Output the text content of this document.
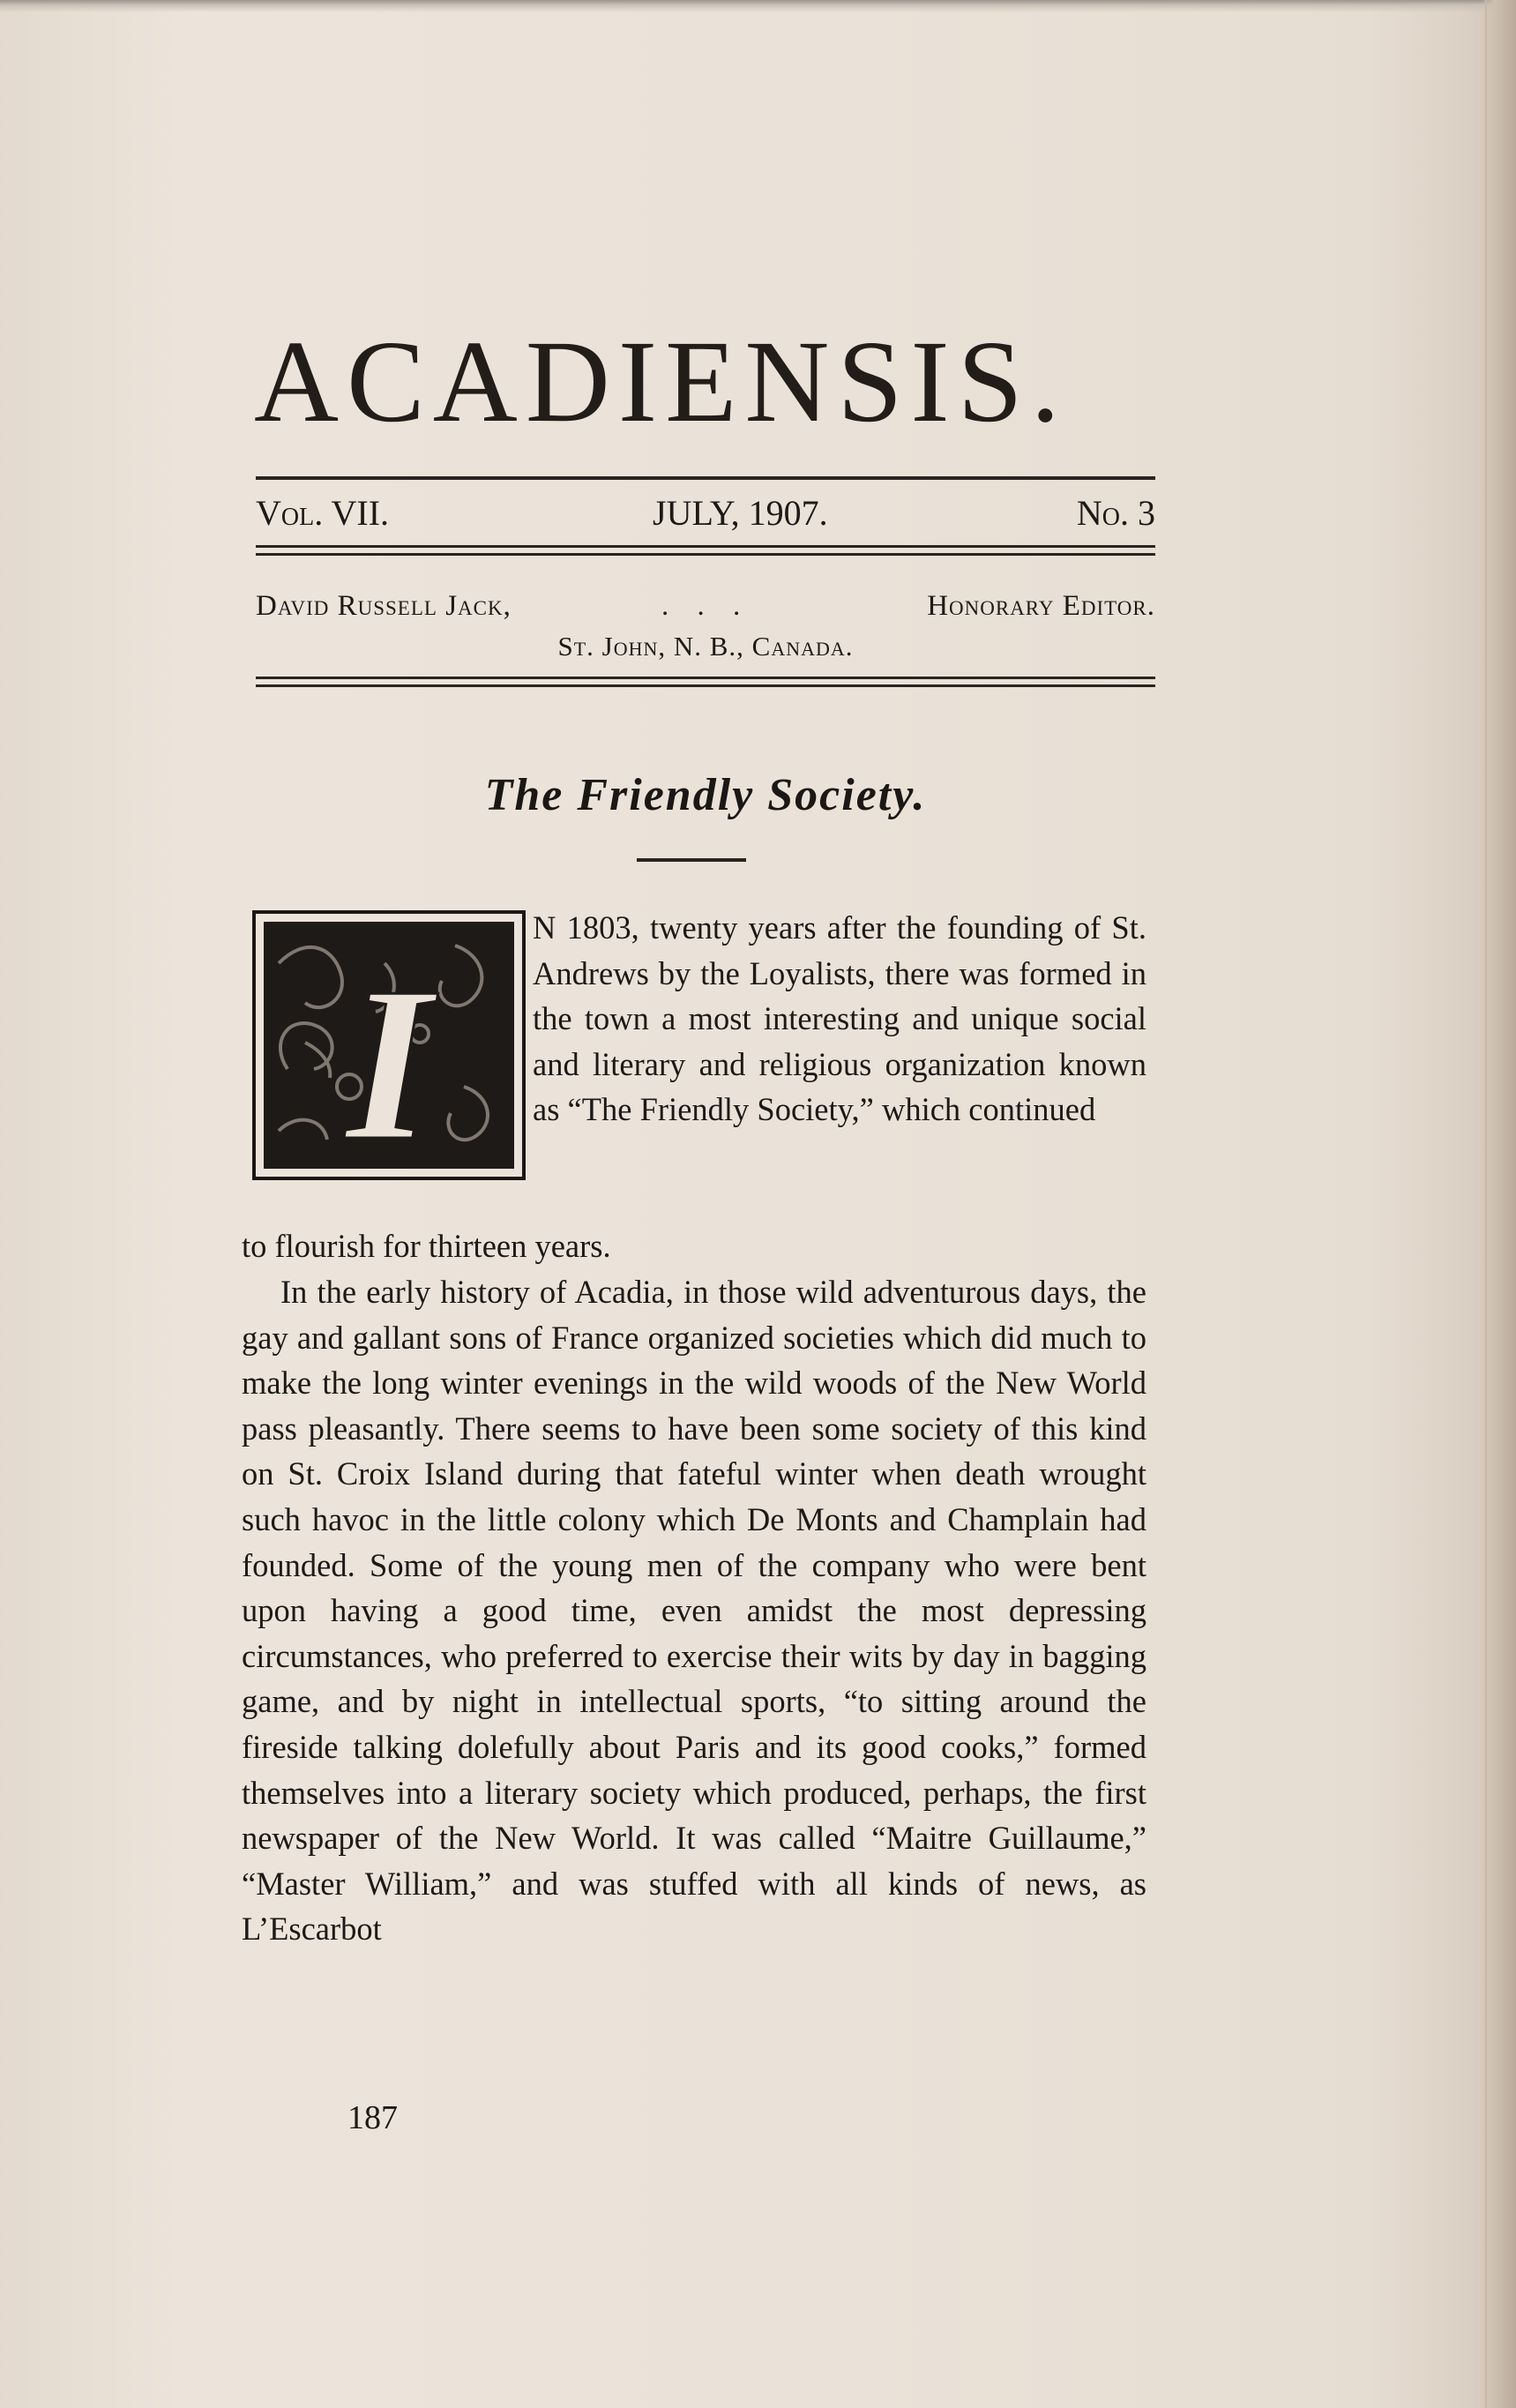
ACADIENSIS.
Vol. VII.	JULY, 1907.	No. 3
David Russell Jack,	. . .	Honorary Editor.
St. John, N. B., Canada.
The Friendly Society.
I

N 1803, twenty years after the founding of St. Andrews by the Loyalists, there was formed in the town a most interesting and unique social and literary and religious organization known as “The Friendly Society,” which continued

to flourish for thirteen years.

In the early history of Acadia, in those wild adventurous days, the gay and gallant sons of France organized societies which did much to make the long winter evenings in the wild woods of the New World pass pleasantly. There seems to have been some society of this kind on St. Croix Island during that fateful winter when death wrought such havoc in the little colony which De Monts and Champlain had founded. Some of the young men of the company who were bent upon having a good time, even amidst the most depressing circumstances, who preferred to exercise their wits by day in bagging game, and by night in intellectual sports, “to sitting around the fireside talking dolefully about Paris and its good cooks,” formed themselves into a literary society which produced, perhaps, the first newspaper of the New World. It was called “Maitre Guillaume,” “Master William,” and was stuffed with all kinds of news, as L’Escarbot

187
